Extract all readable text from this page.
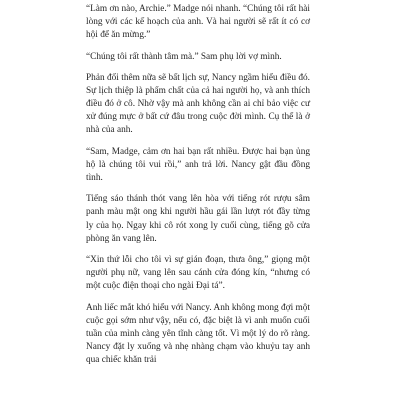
“Làm ơn nào, Archie.” Madge nói nhanh. “Chúng tôi rất hài lòng với các kế hoạch của anh. Và hai người sẽ rất ít có cơ hội để ăn mừng.”

“Chúng tôi rất thành tâm mà.” Sam phụ lời vợ mình.

Phản đối thêm nữa sẽ bất lịch sự, Nancy ngầm hiểu điều đó. Sự lịch thiệp là phẩm chất của cả hai người họ, và anh thích điều đó ở cô. Nhờ vậy mà anh không cần ai chỉ bảo việc cư xử đúng mực ở bất cứ đâu trong cuộc đời mình. Cụ thể là ở nhà của anh.

“Sam, Madge, cảm ơn hai bạn rất nhiều. Được hai bạn ủng hộ là chúng tôi vui rồi,” anh trả lời. Nancy gật đầu đồng tình.

Tiếng sáo thánh thót vang lên hòa với tiếng rót rượu sâm panh màu mật ong khi người hầu gái lần lượt rót đầy từng ly của họ. Ngay khi cô rót xong ly cuối cùng, tiếng gõ cửa phòng ăn vang lên.

“Xin thứ lỗi cho tôi vì sự gián đoạn, thưa ông,” giọng một người phụ nữ, vang lên sau cánh cửa đóng kín, “nhưng có một cuộc điện thoại cho ngài Đại tá”.

Anh liếc mắt khó hiểu với Nancy. Anh không mong đợi một cuộc gọi sớm như vậy, nếu có, đặc biệt là vì anh muốn cuối tuần của mình càng yên tĩnh càng tốt. Vì một lý do rõ ràng. Nancy đặt ly xuống và nhẹ nhàng chạm vào khuỷu tay anh qua chiếc khăn trải
